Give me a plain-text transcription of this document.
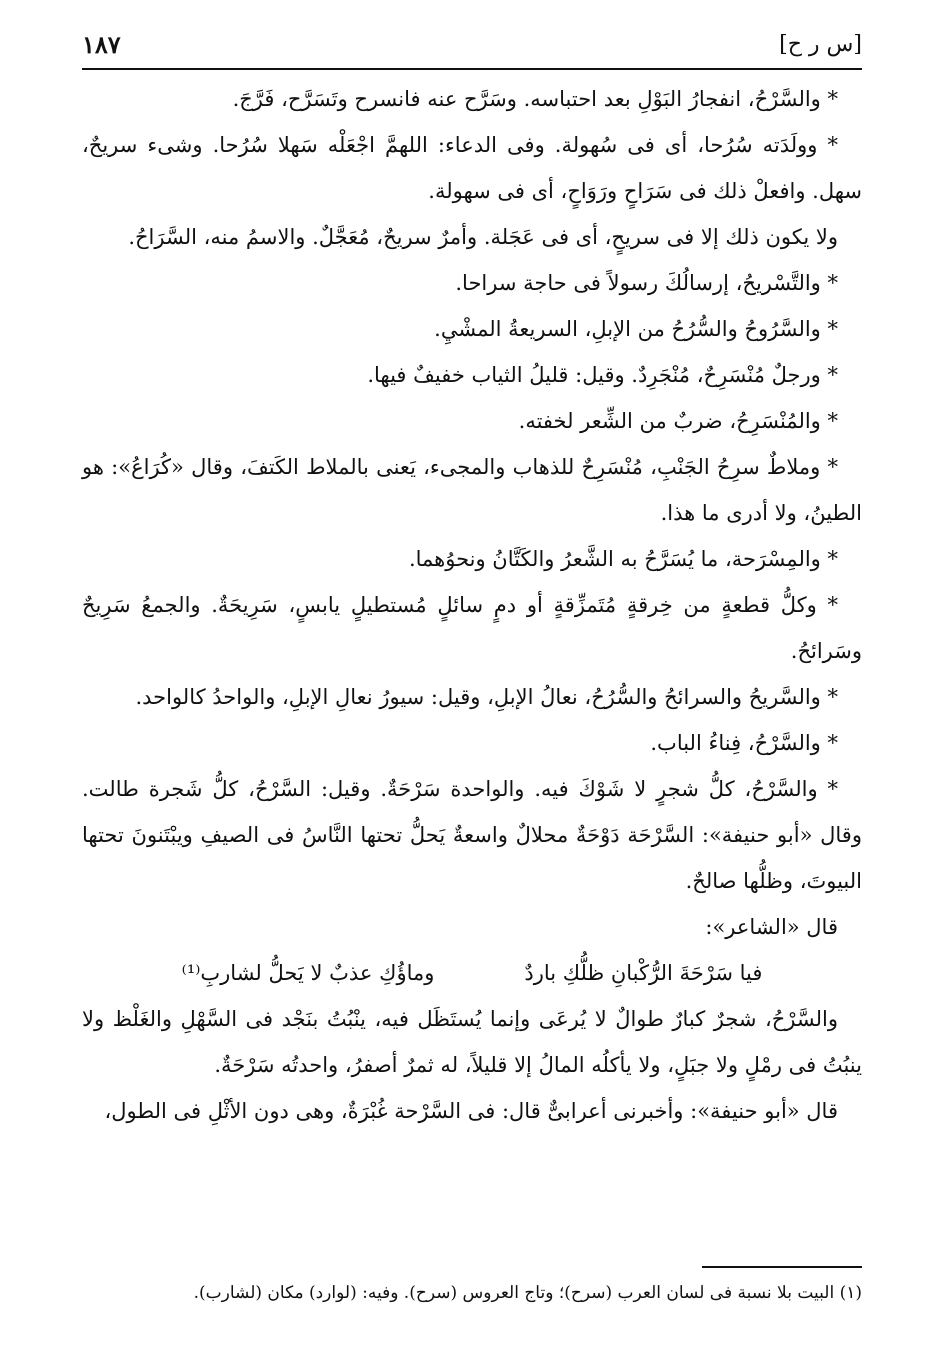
[س ر ح]
١٨٧

* والسَّرْحُ، انفجارُ البَوْلِ بعد احتباسه. وسَرَّح عنه فانسرح وتَسَرَّح، فَرَّجَ.

* وولَدَته سُرُحا، أى فى سُهولة. وفى الدعاء: اللهمَّ اجْعَلْه سَهلا سُرُحا. وشىء سريحٌ، سهل. وافعلْ ذلك فى سَرَاحٍ ورَوَاحٍ، أى فى سهولة.

ولا يكون ذلك إلا فى سريحٍ، أى فى عَجَلة. وأمرٌ سريحٌ، مُعَجَّلٌ. والاسمُ منه، السَّرَاحُ.

* والتَّسْريحُ، إرسالُكَ رسولاً فى حاجة سراحا.

* والسَّرُوحُ والسُّرُحُ من الإبلِ، السريعةُ المشْيِ.

* ورجلٌ مُنْسَرِحٌ، مُنْجَرِدٌ. وقيل: قليلُ الثياب خفيفٌ فيها.

* والمُنْسَرِحُ، ضربٌ من الشِّعر لخفته.

* وملاطٌ سرِحُ الجَنْبِ، مُنْسَرِحٌ للذهاب والمجىء، يَعنى بالملاط الكَتفَ، وقال «كُرَاعُ»: هو الطينُ، ولا أدرى ما هذا.

* والمِسْرَحة، ما يُسَرَّحُ به الشَّعرُ والكَتَّانُ ونحوُهما.

* وكلُّ قطعةٍ من خِرقةٍ مُتَمزِّقةٍ أو دمٍ سائلٍ مُستطيلٍ يابسٍ، سَرِيحَةٌ. والجمعُ سَرِيحٌ وسَرائحُ.

* والسَّريحُ والسرائحُ والسُّرُحُ، نعالُ الإبلِ، وقيل: سيورُ نعالِ الإبلِ، والواحدُ كالواحد.

* والسَّرْحُ، فِناءُ الباب.

* والسَّرْحُ، كلُّ شجرٍ لا شَوْكَ فيه. والواحدة سَرْحَةٌ. وقيل: السَّرْحُ، كلُّ شَجرة طالت. وقال «أبو حنيفة»: السَّرْحَة دَوْحَةٌ محلالٌ واسعةٌ يَحلُّ تحتها النَّاسُ فى الصيفِ ويبْتَنونَ تحتها البيوتَ، وظلُّها صالحٌ.

قال «الشاعر»:

فيا سَرْحَةَ الرُّكْبانِ ظلُّكِ باردٌ
وماؤُكِ عذبٌ لا يَحلُّ لشاربِ⁽¹⁾

والسَّرْحُ، شجرٌ كبارٌ طوالٌ لا يُرعَى وإنما يُستَظَل فيه، ينْبُتُ بنَجْد فى السَّهْلِ والغَلْظ ولا ينبُتُ فى رمْلٍ ولا جبَلٍ، ولا يأكلُه المالُ إلا قليلاً، له ثمرٌ أصفرُ، واحدتُه سَرْحَةٌ.

قال «أبو حنيفة»: وأخبرنى أعرابىٌّ قال: فى السَّرْحة غُبْرَةٌ، وهى دون الأثْلِ فى الطول،

(١) البيت بلا نسبة فى لسان العرب (سرح)؛ وتاج العروس (سرح). وفيه: (لوارد) مكان (لشارب).
